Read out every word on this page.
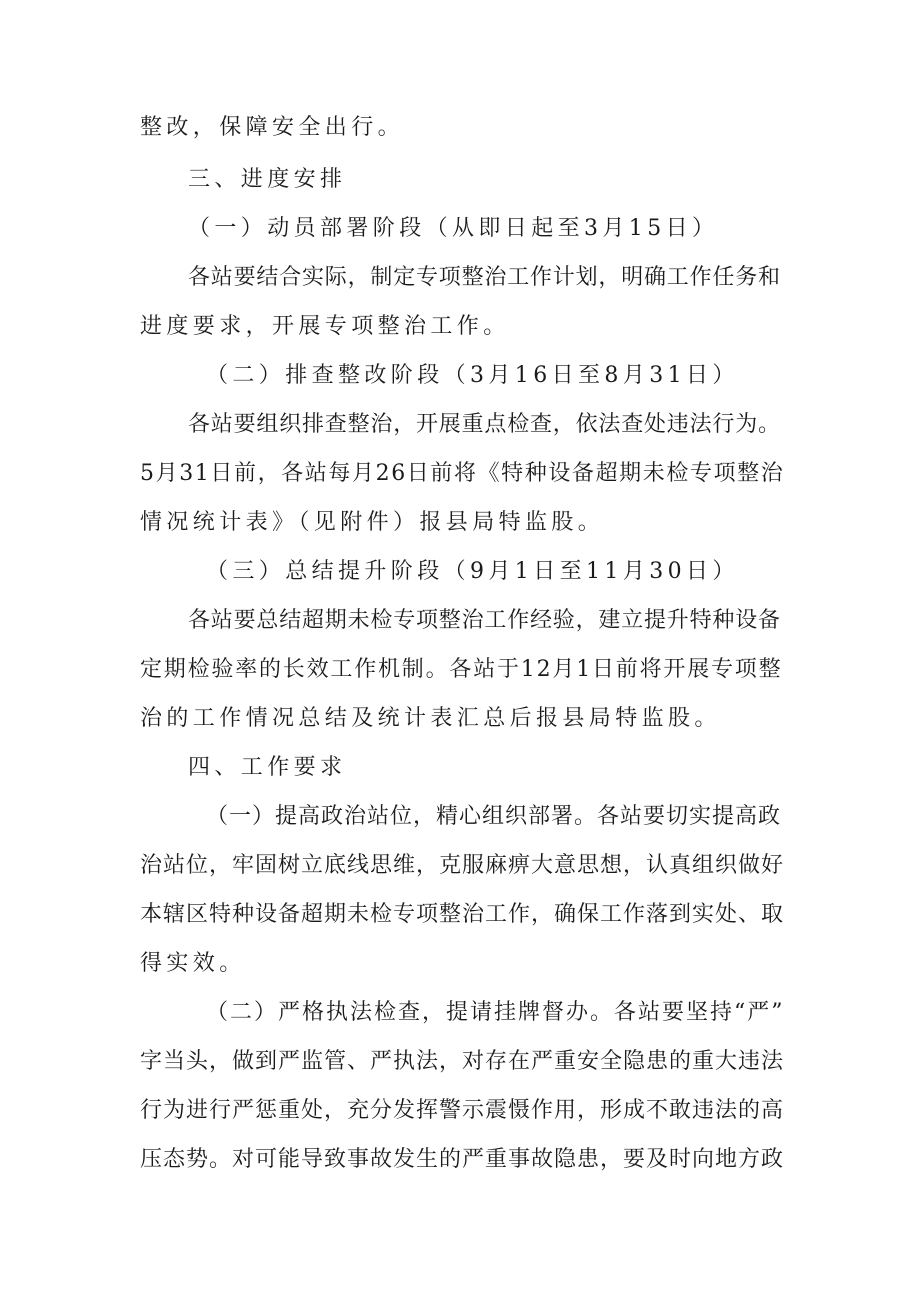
整改，保障安全出行。
三、进度安排
（一）动员部署阶段（从即日起至3月15日）
各站要结合实际，制定专项整治工作计划，明确工作任务和
进度要求，开展专项整治工作。
（二）排查整改阶段（3月16日至8月31日）
各站要组织排查整治，开展重点检查，依法查处违法行为。
5月31日前，各站每月26日前将《特种设备超期未检专项整治
情况统计表》（见附件）报县局特监股。
（三）总结提升阶段（9月1日至11月30日）
各站要总结超期未检专项整治工作经验，建立提升特种设备
定期检验率的长效工作机制。各站于12月1日前将开展专项整
治的工作情况总结及统计表汇总后报县局特监股。
四、工作要求
（一）提高政治站位，精心组织部署。各站要切实提高政
治站位，牢固树立底线思维，克服麻痹大意思想，认真组织做好
本辖区特种设备超期未检专项整治工作，确保工作落到实处、取
得实效。
（二）严格执法检查，提请挂牌督办。各站要坚持“严”
字当头，做到严监管、严执法，对存在严重安全隐患的重大违法
行为进行严惩重处，充分发挥警示震慑作用，形成不敢违法的高
压态势。对可能导致事故发生的严重事故隐患，要及时向地方政
